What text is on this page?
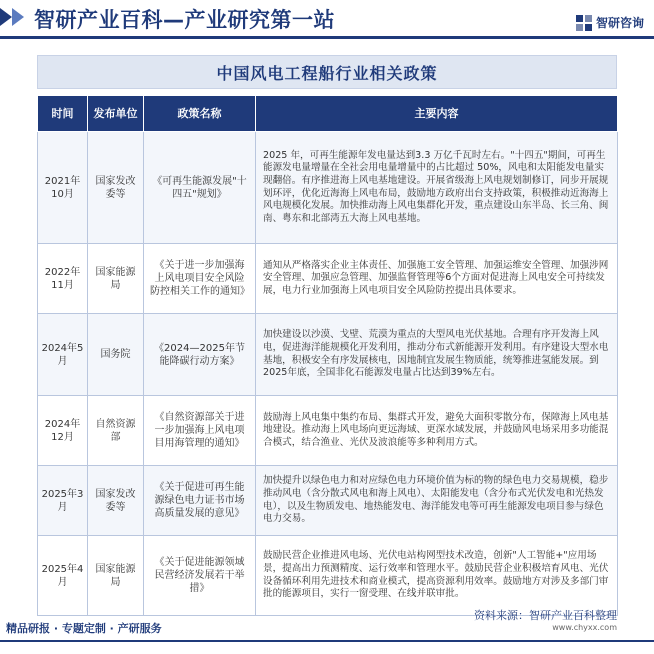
智研产业百科—产业研究第一站	智研咨询
中国风电工程船行业相关政策
时间	发布单位	政策名称	主要内容
2021年10月	国家发改委等	《可再生能源发展"十四五"规划》	2025 年，可再生能源年发电量达到3.3 万亿千瓦时左右。"十四五"期间，可再生能源发电量增量在全社会用电量增量中的占比超过 50%，风电和太阳能发电量实现翻倍。有序推进海上风电基地建设。开展省级海上风电规划制修订，同步开展规划环评，优化近海海上风电布局，鼓励地方政府出台支持政策，积极推动近海海上风电规模化发展。加快推动海上风电集群化开发，重点建设山东半岛、长三角、闽南、粤东和北部湾五大海上风电基地。
2022年11月	国家能源局	《关于进一步加强海上风电项目安全风险防控相关工作的通知》	通知从严格落实企业主体责任、加强施工安全管理、加强运维安全管理、加强涉网安全管理、加强应急管理、加强监督管理等6个方面对促进海上风电安全可持续发展，电力行业加强海上风电项目安全风险防控提出具体要求。
2024年5月	国务院	《2024—2025年节能降碳行动方案》	加快建设以沙漠、戈壁、荒漠为重点的大型风电光伏基地。合理有序开发海上风电，促进海洋能规模化开发利用，推动分布式新能源开发利用。有序建设大型水电基地，积极安全有序发展核电，因地制宜发展生物质能，统筹推进氢能发展。到2025年底，全国非化石能源发电量占比达到39%左右。
2024年12月	自然资源部	《自然资源部关于进一步加强海上风电项目用海管理的通知》	鼓励海上风电集中集约布局、集群式开发，避免大面积零散分布，保障海上风电基地建设。推动海上风电场向更远海域、更深水域发展，并鼓励风电场采用多功能混合模式，结合渔业、光伏及波浪能等多种利用方式。
2025年3月	国家发改委等	《关于促进可再生能源绿色电力证书市场高质量发展的意见》	加快提升以绿色电力和对应绿色电力环境价值为标的物的绿色电力交易规模，稳步推动风电（含分散式风电和海上风电）、太阳能发电（含分布式光伏发电和光热发电），以及生物质发电、地热能发电、海洋能发电等可再生能源发电项目参与绿色电力交易。
2025年4月	国家能源局	《关于促进能源领域民营经济发展若干举措》	鼓励民营企业推进风电场、光伏电站构网型技术改造，创新"人工智能+"应用场景，提高出力预测精度、运行效率和管理水平。鼓励民营企业积极培育风电、光伏设备循环利用先进技术和商业模式，提高资源利用效率。鼓励地方对涉及多部门审批的能源项目，实行一窗受理、在线并联审批。
精品研报 · 专题定制 · 产研服务
资料来源：智研产业百科整理
www.chyxx.com
